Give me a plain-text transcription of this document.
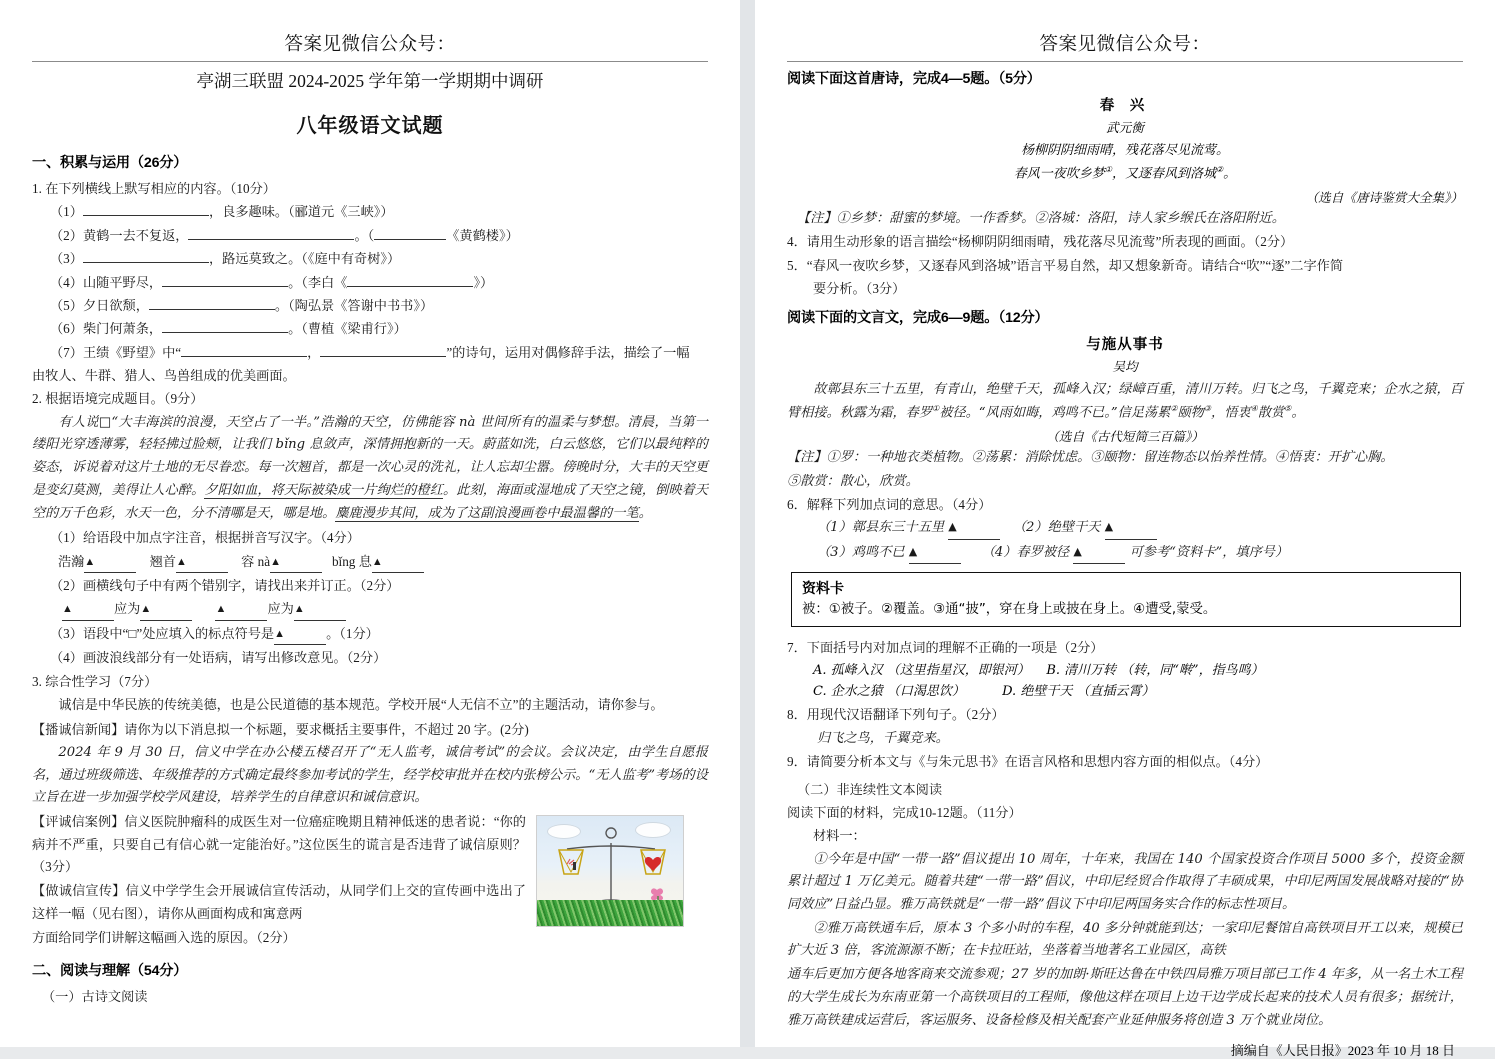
答案见微信公众号：
亭湖三联盟 2024-2025 学年第一学期期中调研
八年级语文试题
一、积累与运用（26分）
1. 在下列横线上默写相应的内容。（10分）
（1）	，良多趣味。（郦道元《三峡》）
（2）黄鹤一去不复返，	。（	《黄鹤楼》）
（3）	，路远莫致之。（《庭中有奇树》）
（4）山随平野尽，	。（李白《	》）
（5）夕日欲颓，	。（陶弘景《答谢中书书》）
（6）柴门何萧条，	。（曹植《梁甫行》）
（7）王绩《野望》中“	，	”的诗句，运用对偶修辞手法，描绘了一幅
由牧人、牛群、猎人、鸟兽组成的优美画面。
2. 根据语境完成题目。（9分）
有人说□“大丰海滨的浪漫，天空占了一半。”浩瀚的天空，仿佛能容 nà 世间所有的温柔与梦想。清晨，当第一缕阳光穿透薄雾，轻轻拂过脸颊，让我们 bǐng 息敛声，深情拥抱新的一天。蔚蓝如洗，白云悠悠，它们以最纯粹的姿态，诉说着对这片土地的无尽眷恋。每一次翘首，都是一次心灵的洗礼，让人忘却尘嚣。傍晚时分，大丰的天空更是变幻莫测，美得让人心醉。夕阳如血，将天际被染成一片绚烂的橙红。此刻，海面或湿地成了天空之镜，倒映着天空的万千色彩，水天一色，分不清哪是天，哪是地。麋鹿漫步其间，成为了这副浪漫画卷中最温馨的一笔。
（1）给语段中加点字注音，根据拼音写汉字。（4分）
浩瀚▲	翘首▲	容 nà▲	bǐng 息▲
（2）画横线句子中有两个错别字，请找出来并订正。（2分）
▲	应为▲	▲	应为▲
（3）语段中“□”处应填入的标点符号是▲	。（1分）
（4）画波浪线部分有一处语病，请写出修改意见。（2分）
3. 综合性学习（7分）
诚信是中华民族的传统美德，也是公民道德的基本规范。学校开展“人无信不立”的主题活动，请你参与。
【播诚信新闻】请你为以下消息拟一个标题，要求概括主要事件，不超过 20 字。(2分)
2024 年 9 月 30 日，信义中学在办公楼五楼召开了“无人监考，诚信考试”的会议。会议决定，由学生自愿报名，通过班级筛选、年级推荐的方式确定最终参加考试的学生，经学校审批并在校内张榜公示。“无人监考”考场的设立旨在进一步加强学校学风建设，培养学生的自律意识和诚信意识。
【评诚信案例】信义医院肿瘤科的成医生对一位癌症晚期且精神低迷的患者说：“你的病并不严重，只要自己有信心就一定能治好。”这位医生的谎言是否违背了诚信原则？（3分）
【做诚信宣传】信义中学学生会开展诚信宣传活动，从同学们上交的宣传画中选出了这样一幅（见右图），请你从画面构成和寓意两
方面给同学们讲解这幅画入选的原因。（2分）
二、阅读与理解（54分）
（一）古诗文阅读
答案见微信公众号：
阅读下面这首唐诗，完成4—5题。（5分）
春 兴
武元衡
杨柳阴阴细雨晴，残花落尽见流莺。
春风一夜吹乡梦①，又逐春风到洛城②。
（选自《唐诗鉴赏大全集》）
【注】①乡梦：甜蜜的梦境。一作香梦。②洛城：洛阳，诗人家乡缑氏在洛阳附近。
4．请用生动形象的语言描绘“杨柳阴阴细雨晴，残花落尽见流莺”所表现的画面。（2分）
5．“春风一夜吹乡梦，又逐春风到洛城”语言平易自然，却又想象新奇。请结合“吹”“逐”二字作简
要分析。（3分）
阅读下面的文言文，完成6—9题。（12分）
与施从事书
吴均
故鄣县东三十五里，有青山，绝壁千天，孤峰入汉；绿嶂百重，清川万转。归飞之鸟，千翼竞来；企水之猿，百臂相接。秋露为霜，春罗①被径。“风雨如晦，鸡鸣不已。”信足荡累②颐物③，悟衷④散赏⑤。
（选自《古代短简三百篇》）
【注】①罗：一种地衣类植物。②荡累：消除忧虑。③颐物：留连物态以怡养性情。④悟衷：开扩心胸。
⑤散赏：散心，欣赏。
6．解释下列加点词的意思。（4分）
（1）鄣县东三十五里 ▲	（2）绝壁干天 ▲
（3）鸡鸣不已 ▲	（4）春罗被径 ▲	可参考“资料卡”，填序号）
资料卡
被：①被子。②覆盖。③通“披”，穿在身上或披在身上。④遭受,蒙受。
7．下面括号内对加点词的理解不正确的一项是（2分）
A. 孤峰入汉 （这里指星汉，即银河） B. 清川万转 （转，同“啭”，指鸟鸣）
C. 企水之猿 （口渴思饮）	D. 绝壁干天 （直插云霄）
8．用现代汉语翻译下列句子。（2分）
归飞之鸟，千翼竞来。
9．请简要分析本文与《与朱元思书》在语言风格和思想内容方面的相似点。（4分）
（二）非连续性文本阅读
阅读下面的材料，完成10-12题。（11分）
材料一：
①今年是中国“一带一路”倡议提出 10 周年，十年来，我国在 140 个国家投资合作项目 5000 多个，投资金额累计超过 1 万亿美元。随着共建“一带一路”倡议，中印尼经贸合作取得了丰硕成果，中印尼两国发展战略对接的“协同效应”日益凸显。雅万高铁就是“一带一路”倡议下中印尼两国务实合作的标志性项目。
②雅万高铁通车后，原本 3 个多小时的车程，40 多分钟就能到达；一家印尼餐馆自高铁项目开工以来，规模已扩大近 3 倍，客流源源不断；在卡拉旺站，坐落着当地著名工业园区，高铁
通车后更加方便各地客商来交流参观；27 岁的加朗·斯旺达鲁在中铁四局雅万项目部已工作 4 年多，从一名土木工程的大学生成长为东南亚第一个高铁项目的工程师，像他这样在项目上边干边学成长起来的技术人员有很多；据统计，雅万高铁建成运营后，客运服务、设备检修及相关配套产业延伸服务将创造 3 万个就业岗位。
摘编自《人民日报》2023 年 10 月 18 日
